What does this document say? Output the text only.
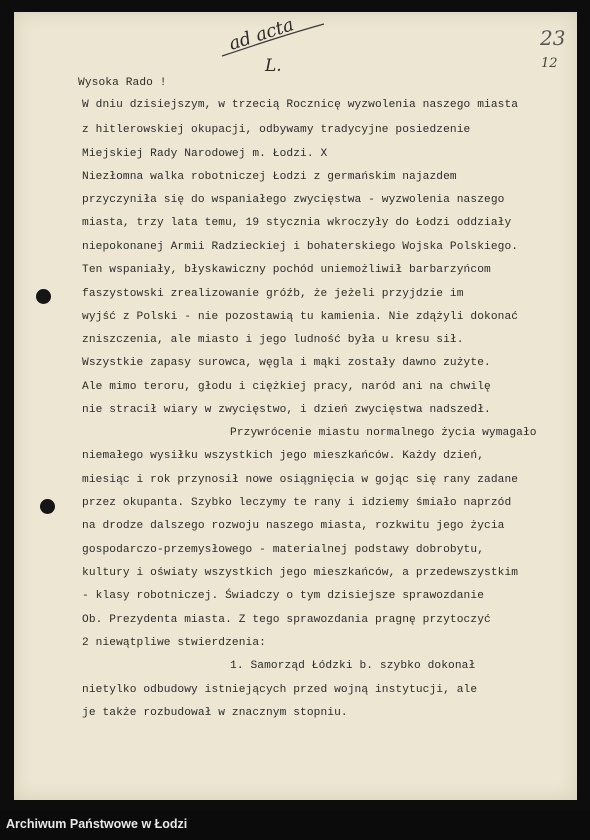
ad acta
L.
23
12
Wysoka Rado !
W dniu dzisiejszym, w trzecią Rocznicę wyzwolenia naszego miasta
z hitlerowskiej okupacji, odbywamy tradycyjne posiedzenie
Miejskiej Rady Narodowej m. Łodzi. X
Niezłomna walka robotniczej Łodzi z germańskim najazdem
przyczyniła się do wspaniałego zwycięstwa - wyzwolenia naszego
miasta, trzy lata temu, 19 stycznia wkroczyły do Łodzi oddziały
niepokonanej Armii Radzieckiej i bohaterskiego Wojska Polskiego.
Ten wspaniały, błyskawiczny pochód uniemożliwił barbarzyńcom
faszystowski zrealizowanie gróźb, że jeżeli przyjdzie im
wyjść z Polski - nie pozostawią tu kamienia. Nie zdążyli dokonać
zniszczenia, ale miasto i jego ludność była u kresu sił.
Wszystkie zapasy surowca, węgla i mąki zostały dawno zużyte.
Ale mimo teroru, głodu i ciężkiej pracy, naród ani na chwilę
nie stracił wiary w zwycięstwo, i dzień zwycięstwa nadszedł.
Przywrócenie miastu normalnego życia wymagało
niemałego wysiłku wszystkich jego mieszkańców. Każdy dzień,
miesiąc i rok przynosił nowe osiągnięcia w gojąc się rany zadane
przez okupanta. Szybko leczymy te rany i idziemy śmiało naprzód
na drodze dalszego rozwoju naszego miasta, rozkwitu jego życia
gospodarczo-przemysłowego - materialnej podstawy dobrobytu,
kultury i oświaty wszystkich jego mieszkańców, a przedewszystkim
- klasy robotniczej. Świadczy o tym dzisiejsze sprawozdanie
Ob. Prezydenta miasta. Z tego sprawozdania pragnę przytoczyć
2 niewątpliwe stwierdzenia:
1. Samorząd Łódzki b. szybko dokonał
nietylko odbudowy istniejących przed wojną instytucji, ale
je także rozbudował w znacznym stopniu.
Archiwum Państwowe w Łodzi
